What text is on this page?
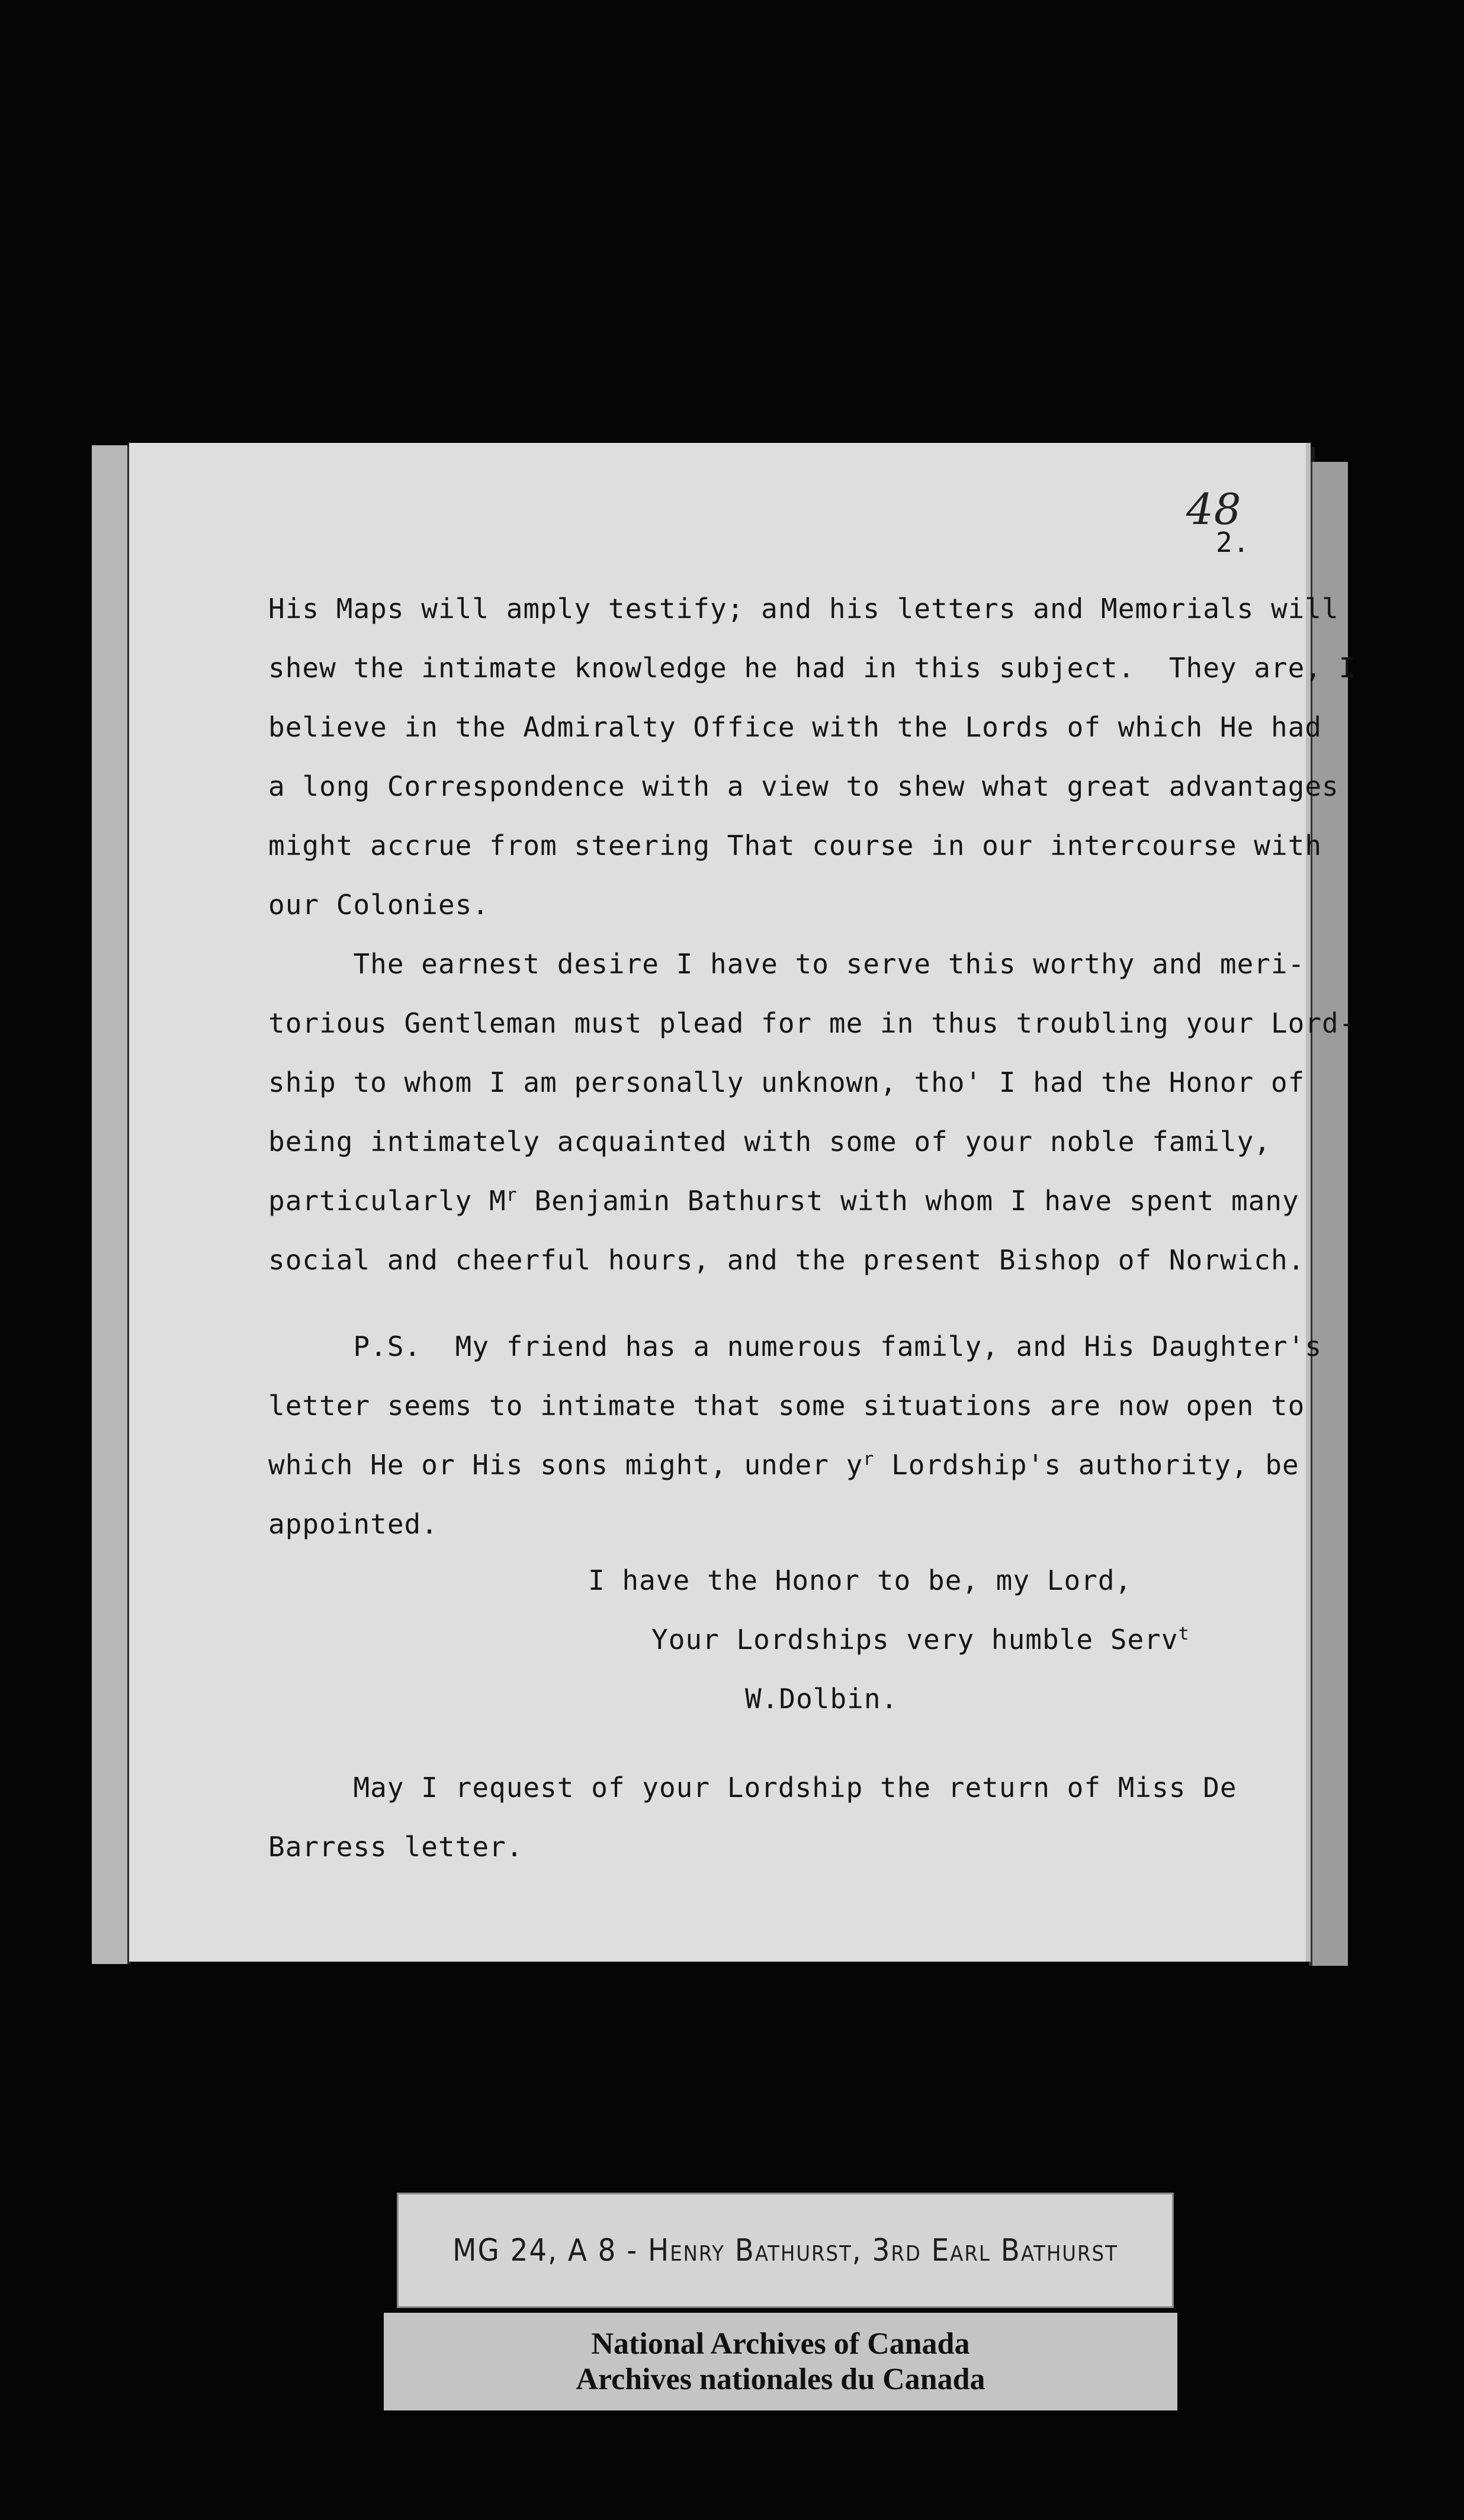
48
2.
His Maps will amply testify; and his letters and Memorials will
shew the intimate knowledge he had in this subject.  They are, I
believe in the Admiralty Office with the Lords of which He had
a long Correspondence with a view to shew what great advantages
might accrue from steering That course in our intercourse with
our Colonies.
The earnest desire I have to serve this worthy and meri-
torious Gentleman must plead for me in thus troubling your Lord-
ship to whom I am personally unknown, tho' I had the Honor of
being intimately acquainted with some of your noble family,
particularly $M^r$ Benjamin Bathurst with whom I have spent many
social and cheerful hours, and the present Bishop of Norwich.
P.S.  My friend has a numerous family, and His Daughter's
letter seems to intimate that some situations are now open to
which He or His sons might, under $y^r$ Lordship's authority, be
appointed.
I have the Honor to be, my Lord,
Your Lordships very humble Serv$^t$
W.Dolbin.
May I request of your Lordship the return of Miss De
Barress letter.
MG 24, A 8 - Henry Bathurst, 3rd Earl Bathurst
National Archives of Canada
Archives nationales du Canada
